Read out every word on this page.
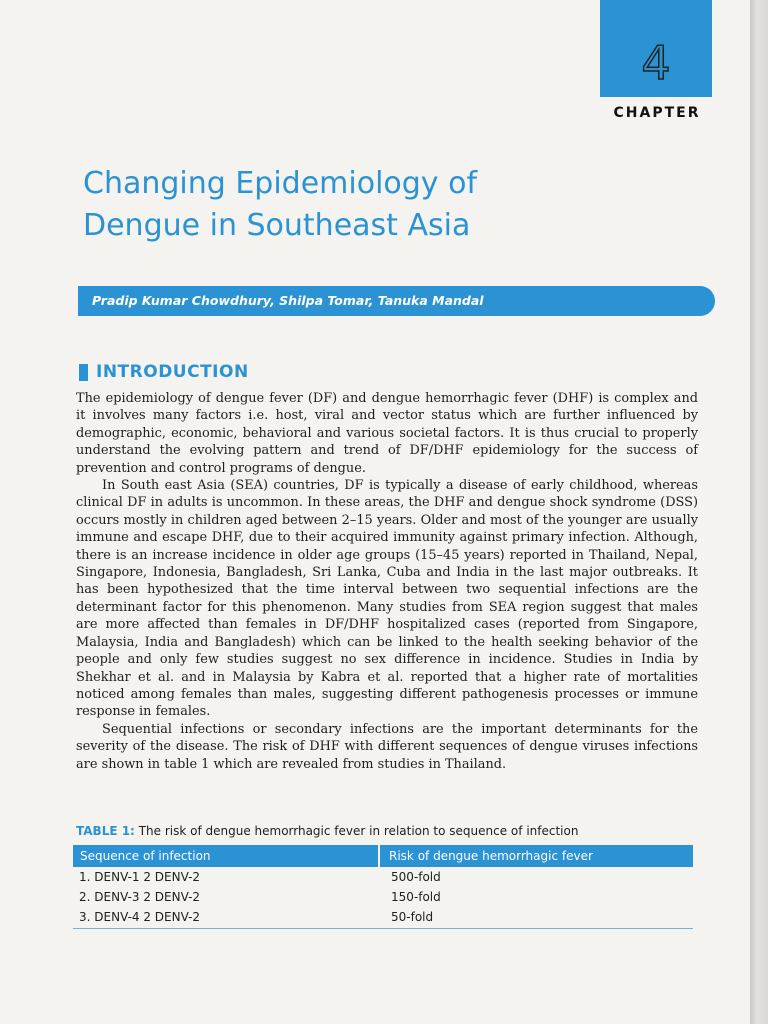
4
CHAPTER
Changing Epidemiology of
Dengue in Southeast Asia
Pradip Kumar Chowdhury, Shilpa Tomar, Tanuka Mandal
INTRODUCTION

The epidemiology of dengue fever (DF) and dengue hemorrhagic fever (DHF) is complex and it involves many factors i.e. host, viral and vector status which are further influenced by demographic, economic, behavioral and various societal factors. It is thus crucial to properly understand the evolving pattern and trend of DF/DHF epidemiology for the success of prevention and control programs of dengue.

In South east Asia (SEA) countries, DF is typically a disease of early childhood, whereas clinical DF in adults is uncommon. In these areas, the DHF and dengue shock syndrome (DSS) occurs mostly in children aged between 2–15 years. Older and most of the younger are usually immune and escape DHF, due to their acquired immunity against primary infection. Although, there is an increase incidence in older age groups (15–45 years) reported in Thailand, Nepal, Singapore, Indonesia, Bangladesh, Sri Lanka, Cuba and India in the last major outbreaks. It has been hypothesized that the time interval between two sequential infections are the determinant factor for this phenomenon. Many studies from SEA region suggest that males are more affected than females in DF/DHF hospitalized cases (reported from Singapore, Malaysia, India and Bangladesh) which can be linked to the health seeking behavior of the people and only few studies suggest no sex difference in incidence. Studies in India by Shekhar et al. and in Malaysia by Kabra et al. reported that a higher rate of mortalities noticed among females than males, suggesting different pathogenesis processes or immune response in females.

Sequential infections or secondary infections are the important determinants for the severity of the disease. The risk of DHF with different sequences of dengue viruses infections are shown in table 1 which are revealed from studies in Thailand.

TABLE 1: The risk of dengue hemorrhagic fever in relation to sequence of infection
Sequence of infection	Risk of dengue hemorrhagic fever
1. DENV-1 2 DENV-2	500-fold
2. DENV-3 2 DENV-2	150-fold
3. DENV-4 2 DENV-2	50-fold
